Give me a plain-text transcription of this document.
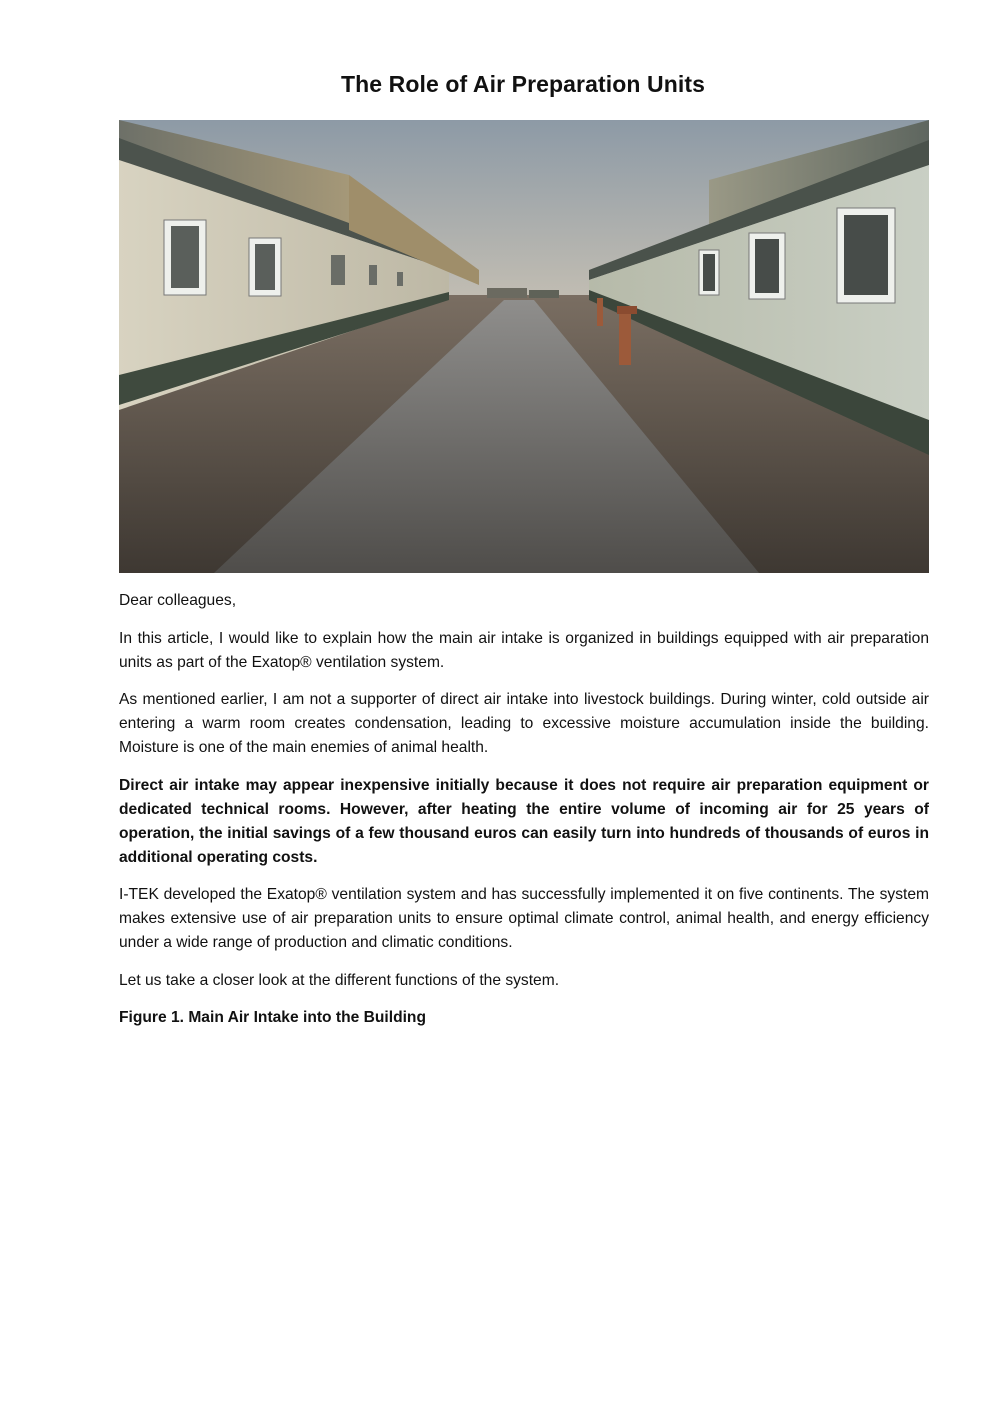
The Role of Air Preparation Units

Dear colleagues,

In this article, I would like to explain how the main air intake is organized in buildings equipped with air preparation units as part of the Exatop® ventilation system.

As mentioned earlier, I am not a supporter of direct air intake into livestock buildings. During winter, cold outside air entering a warm room creates condensation, leading to excessive moisture accumulation inside the building. Moisture is one of the main enemies of animal health.

Direct air intake may appear inexpensive initially because it does not require air preparation equipment or dedicated technical rooms. However, after heating the entire volume of incoming air for 25 years of operation, the initial savings of a few thousand euros can easily turn into hundreds of thousands of euros in additional operating costs.

I-TEK developed the Exatop® ventilation system and has successfully implemented it on five continents. The system makes extensive use of air preparation units to ensure optimal climate control, animal health, and energy efficiency under a wide range of production and climatic conditions.

Let us take a closer look at the different functions of the system.

Figure 1. Main Air Intake into the Building
